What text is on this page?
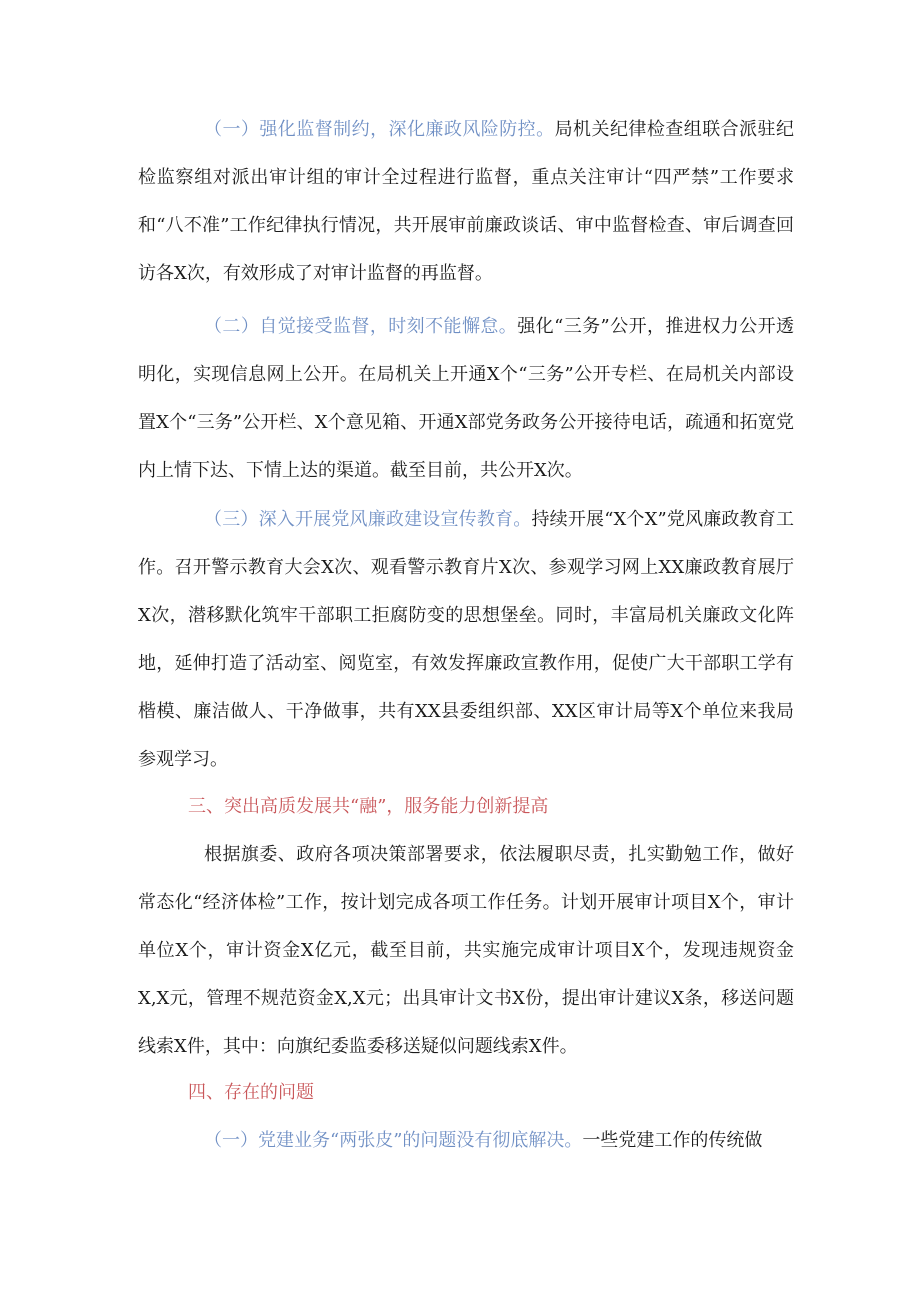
（一）强化监督制约，深化廉政风险防控。局机关纪律检查组联合派驻纪检监察组对派出审计组的审计全过程进行监督，重点关注审计“四严禁”工作要求和“八不准”工作纪律执行情况，共开展审前廉政谈话、审中监督检查、审后调查回访各X次，有效形成了对审计监督的再监督。

（二）自觉接受监督，时刻不能懈怠。强化“三务”公开，推进权力公开透明化，实现信息网上公开。在局机关上开通X个“三务”公开专栏、在局机关内部设置X个“三务”公开栏、X个意见箱、开通X部党务政务公开接待电话，疏通和拓宽党内上情下达、下情上达的渠道。截至目前，共公开X次。

（三）深入开展党风廉政建设宣传教育。持续开展“X个X”党风廉政教育工作。召开警示教育大会X次、观看警示教育片X次、参观学习网上XX廉政教育展厅X次，潜移默化筑牢干部职工拒腐防变的思想堡垒。同时，丰富局机关廉政文化阵地，延伸打造了活动室、阅览室，有效发挥廉政宣教作用，促使广大干部职工学有楷模、廉洁做人、干净做事，共有XX县委组织部、XX区审计局等X个单位来我局参观学习。

三、突出高质发展共“融”，服务能力创新提高

根据旗委、政府各项决策部署要求，依法履职尽责，扎实勤勉工作，做好常态化“经济体检”工作，按计划完成各项工作任务。计划开展审计项目X个，审计单位X个，审计资金X亿元，截至目前，共实施完成审计项目X个，发现违规资金X,X元，管理不规范资金X,X元；出具审计文书X份，提出审计建议X条，移送问题线索X件，其中：向旗纪委监委移送疑似问题线索X件。

四、存在的问题

（一）党建业务“两张皮”的问题没有彻底解决。一些党建工作的传统做
